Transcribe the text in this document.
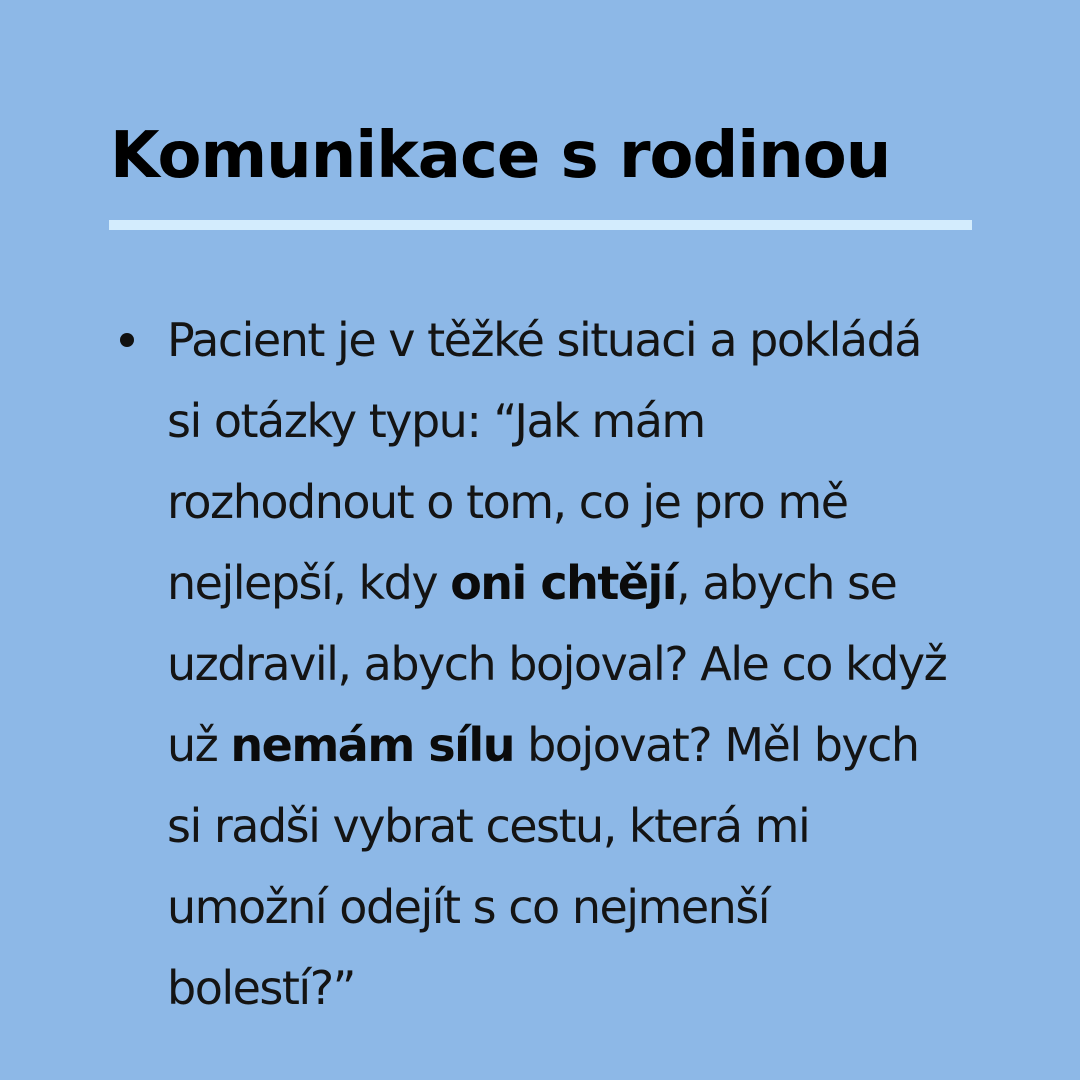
Komunikace s rodinou

Pacient je v těžké situaci a pokládá
si otázky typu: “Jak mám
rozhodnout o tom, co je pro mě
nejlepší, kdy oni chtějí, abych se
uzdravil, abych bojoval? Ale co když
už nemám sílu bojovat? Měl bych
si radši vybrat cestu, která mi
umožní odejít s co nejmenší
bolestí?”
